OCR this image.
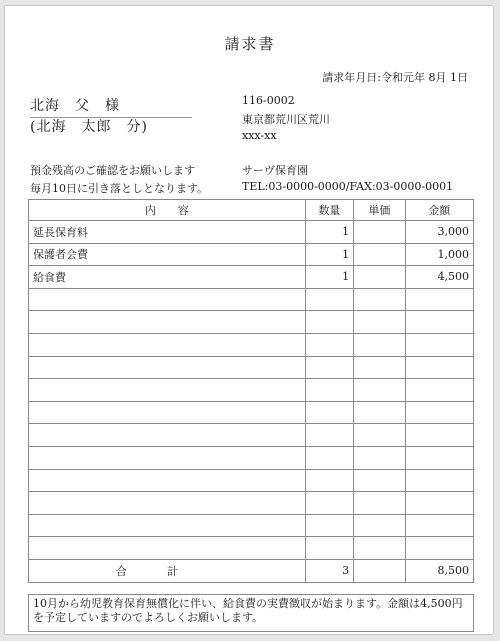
請求書
請求年月日:令和元年 8月 1日
北海　父　様
(北海　太郎　分)
116-0002
東京都荒川区荒川
xxx-xx
預金残高のご確認をお願いします
毎月10日に引き落としとなります。
サーヴ保育園
TEL:03-0000-0000/FAX:03-0000-0001
内　　容	数量	単価	金額
延長保育料	1		3,000
保護者会費	1		1,000
給食費	1		4,500

合計	3		8,500
10月から幼児教育保育無償化に伴い、給食費の実費徴収が始まります。金額は4,500円を予定していますのでよろしくお願いします。
